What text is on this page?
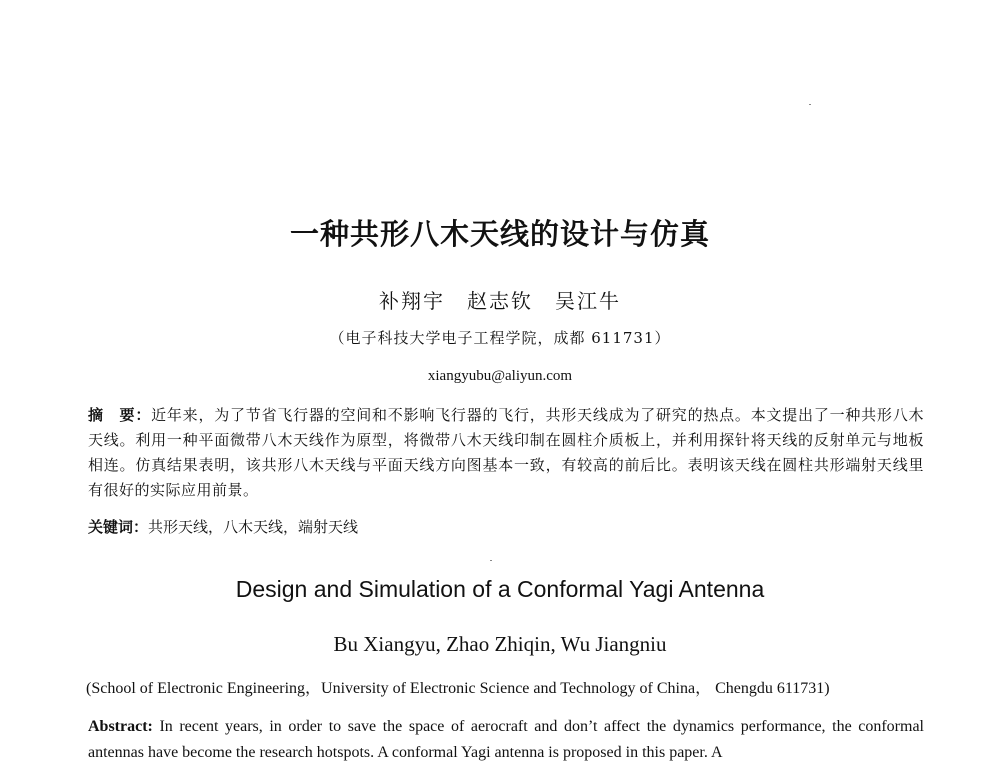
一种共形八木天线的设计与仿真
补翔宇　赵志钦　吴江牛
（电子科技大学电子工程学院，成都 611731）
xiangyubu@aliyun.com
摘　要：近年来，为了节省飞行器的空间和不影响飞行器的飞行，共形天线成为了研究的热点。本文提出了一种共形八木天线。利用一种平面微带八木天线作为原型，将微带八木天线印制在圆柱介质板上，并利用探针将天线的反射单元与地板相连。仿真结果表明，该共形八木天线与平面天线方向图基本一致，有较高的前后比。表明该天线在圆柱共形端射天线里有很好的实际应用前景。
关键词：共形天线，八木天线，端射天线
Design and Simulation of a Conformal Yagi Antenna
Bu Xiangyu, Zhao Zhiqin, Wu Jiangniu
(School of Electronic Engineering，University of Electronic Science and Technology of China， Chengdu 611731)
Abstract: In recent years, in order to save the space of aerocraft and don’t affect the dynamics performance, the conformal antennas have become the research hotspots. A conformal Yagi antenna is proposed in this paper. A
